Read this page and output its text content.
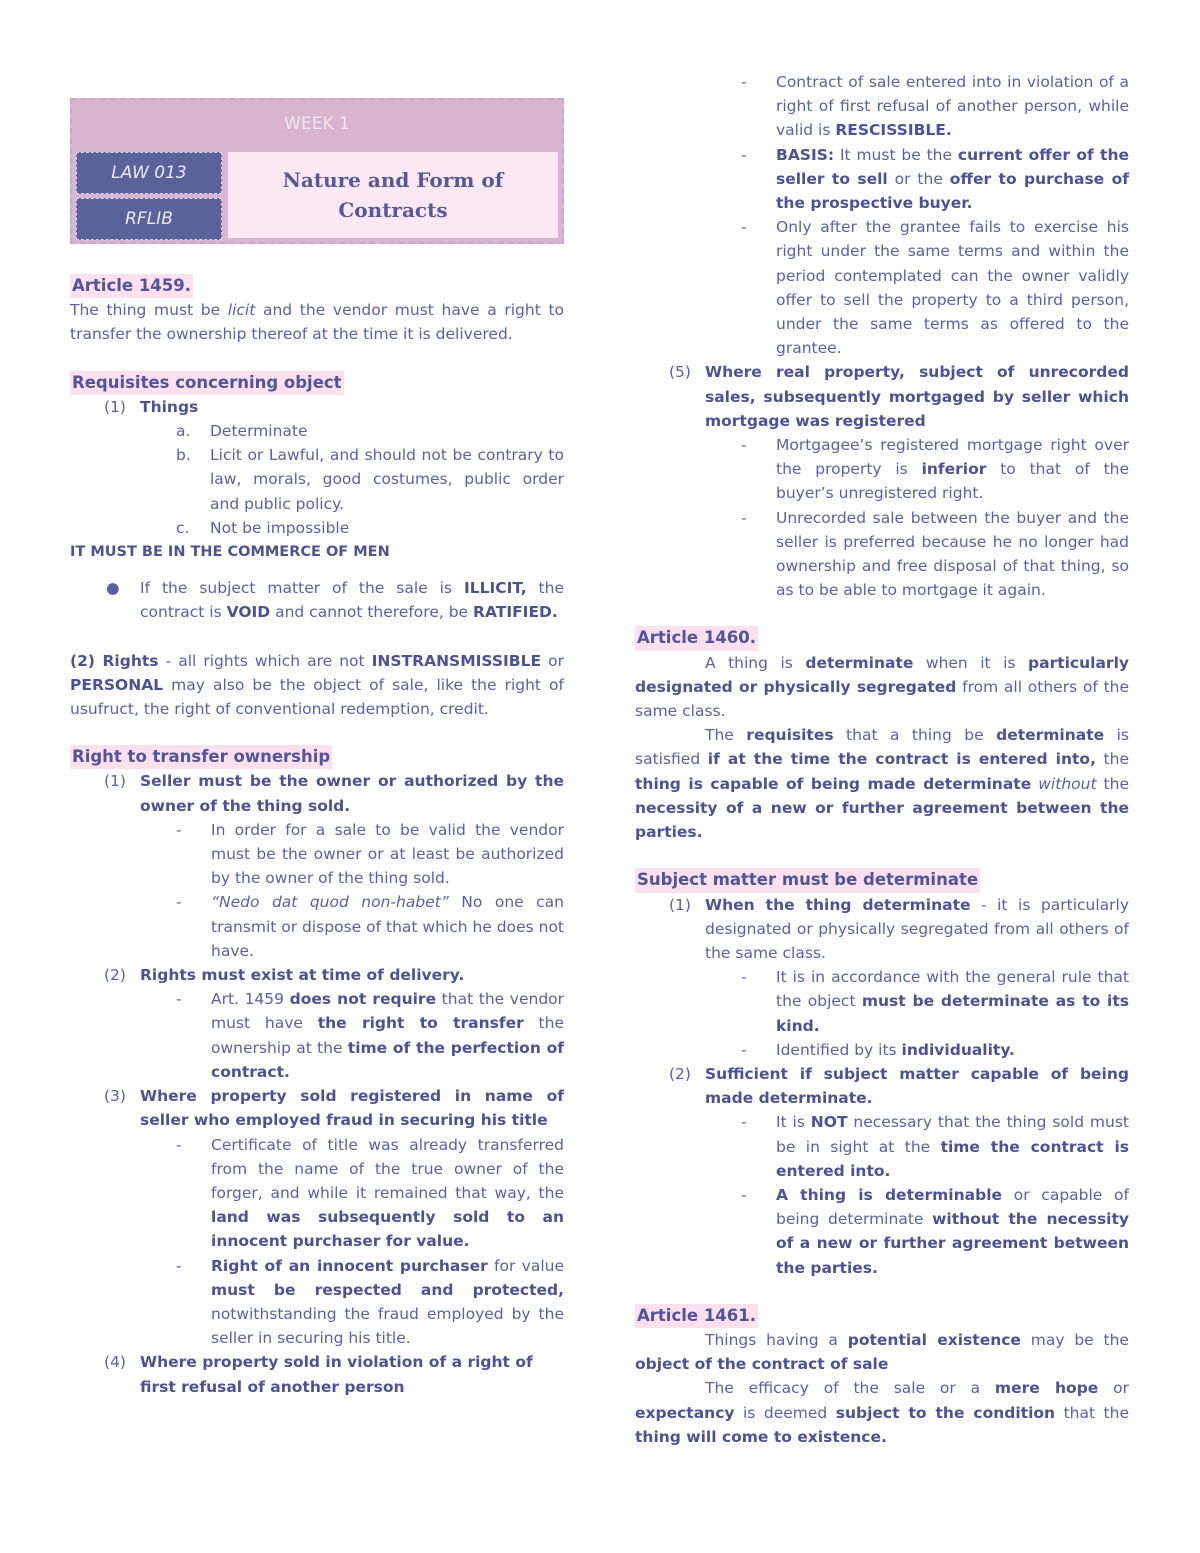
WEEK 1
LAW 013
RFLIB
Nature and Form of
Contracts

Article 1459.

The thing must be licit and the vendor must have a right to transfer the ownership thereof at the time it is delivered.

Requisites concerning object

(1) Things
a. Determinate
b. Licit or Lawful, and should not be contrary to law, morals, good costumes, public order and public policy.
c. Not be impossible

IT MUST BE IN THE COMMERCE OF MEN

● If the subject matter of the sale is ILLICIT, the contract is VOID and cannot therefore, be RATIFIED.

(2) Rights - all rights which are not INSTRANSMISSIBLE or PERSONAL may also be the object of sale, like the right of usufruct, the right of conventional redemption, credit.

Right to transfer ownership

(1) Seller must be the owner or authorized by the owner of the thing sold.
- In order for a sale to be valid the vendor must be the owner or at least be authorized by the owner of the thing sold.
- “Nedo dat quod non-habet” No one can transmit or dispose of that which he does not have.
(2) Rights must exist at time of delivery.
- Art. 1459 does not require that the vendor must have the right to transfer the ownership at the time of the perfection of contract.
(3) Where property sold registered in name of seller who employed fraud in securing his title
- Certificate of title was already transferred from the name of the true owner of the forger, and while it remained that way, the land was subsequently sold to an innocent purchaser for value.
- Right of an innocent purchaser for value must be respected and protected, notwithstanding the fraud employed by the seller in securing his title.
(4) Where property sold in violation of a right of first refusal of another person
- Contract of sale entered into in violation of a right of first refusal of another person, while valid is RESCISSIBLE.
- BASIS: It must be the current offer of the seller to sell or the offer to purchase of the prospective buyer.
- Only after the grantee fails to exercise his right under the same terms and within the period contemplated can the owner validly offer to sell the property to a third person, under the same terms as offered to the grantee.
(5) Where real property, subject of unrecorded sales, subsequently mortgaged by seller which mortgage was registered
- Mortgagee’s registered mortgage right over the property is inferior to that of the buyer’s unregistered right.
- Unrecorded sale between the buyer and the seller is preferred because he no longer had ownership and free disposal of that thing, so as to be able to mortgage it again.

Article 1460.

A thing is determinate when it is particularly designated or physically segregated from all others of the same class.

The requisites that a thing be determinate is satisfied if at the time the contract is entered into, the thing is capable of being made determinate without the necessity of a new or further agreement between the parties.

Subject matter must be determinate

(1) When the thing determinate - it is particularly designated or physically segregated from all others of the same class.
- It is in accordance with the general rule that the object must be determinate as to its kind.
- Identified by its individuality.
(2) Sufficient if subject matter capable of being made determinate.
- It is NOT necessary that the thing sold must be in sight at the time the contract is entered into.
- A thing is determinable or capable of being determinate without the necessity of a new or further agreement between the parties.

Article 1461.

Things having a potential existence may be the object of the contract of sale

The efficacy of the sale or a mere hope or expectancy is deemed subject to the condition that the thing will come to existence.
